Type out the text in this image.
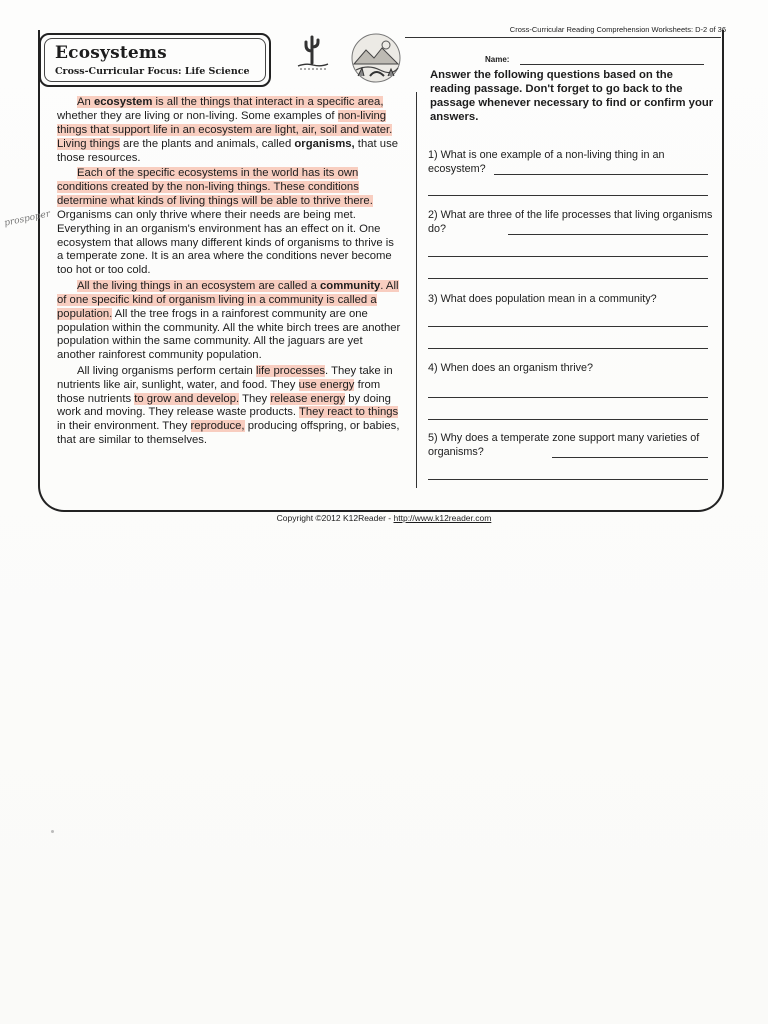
Cross-Curricular Reading Comprehension Worksheets: D-2 of 36
Ecosystems
Cross-Curricular Focus: Life Science
prospoper

An ecosystem is all the things that interact in a specific area, whether they are living or non-living. Some examples of non-living things that support life in an ecosystem are light, air, soil and water. Living things are the plants and animals, called organisms, that use those resources.

Each of the specific ecosystems in the world has its own conditions created by the non-living things. These conditions determine what kinds of living things will be able to thrive there. Organisms can only thrive where their needs are being met. Everything in an organism's environment has an effect on it. One ecosystem that allows many different kinds of organisms to thrive is a temperate zone. It is an area where the conditions never become too hot or too cold.

All the living things in an ecosystem are called a community. All of one specific kind of organism living in a community is called a population. All the tree frogs in a rainforest community are one population within the community. All the white birch trees are another population within the same community. All the jaguars are yet another rainforest community population.

All living organisms perform certain life processes. They take in nutrients like air, sunlight, water, and food. They use energy from those nutrients to grow and develop. They release energy by doing work and moving. They release waste products. They react to things in their environment. They reproduce, producing offspring, or babies, that are similar to themselves.

Name:
Answer the following questions based on the reading passage. Don't forget to go back to the passage whenever necessary to find or confirm your answers.
1) What is one example of a non-living thing in an ecosystem?
2) What are three of the life processes that living organisms do?
3) What does population mean in a community?
4) When does an organism thrive?
5) Why does a temperate zone support many varieties of organisms?
Copyright ©2012 K12Reader - http://www.k12reader.com
